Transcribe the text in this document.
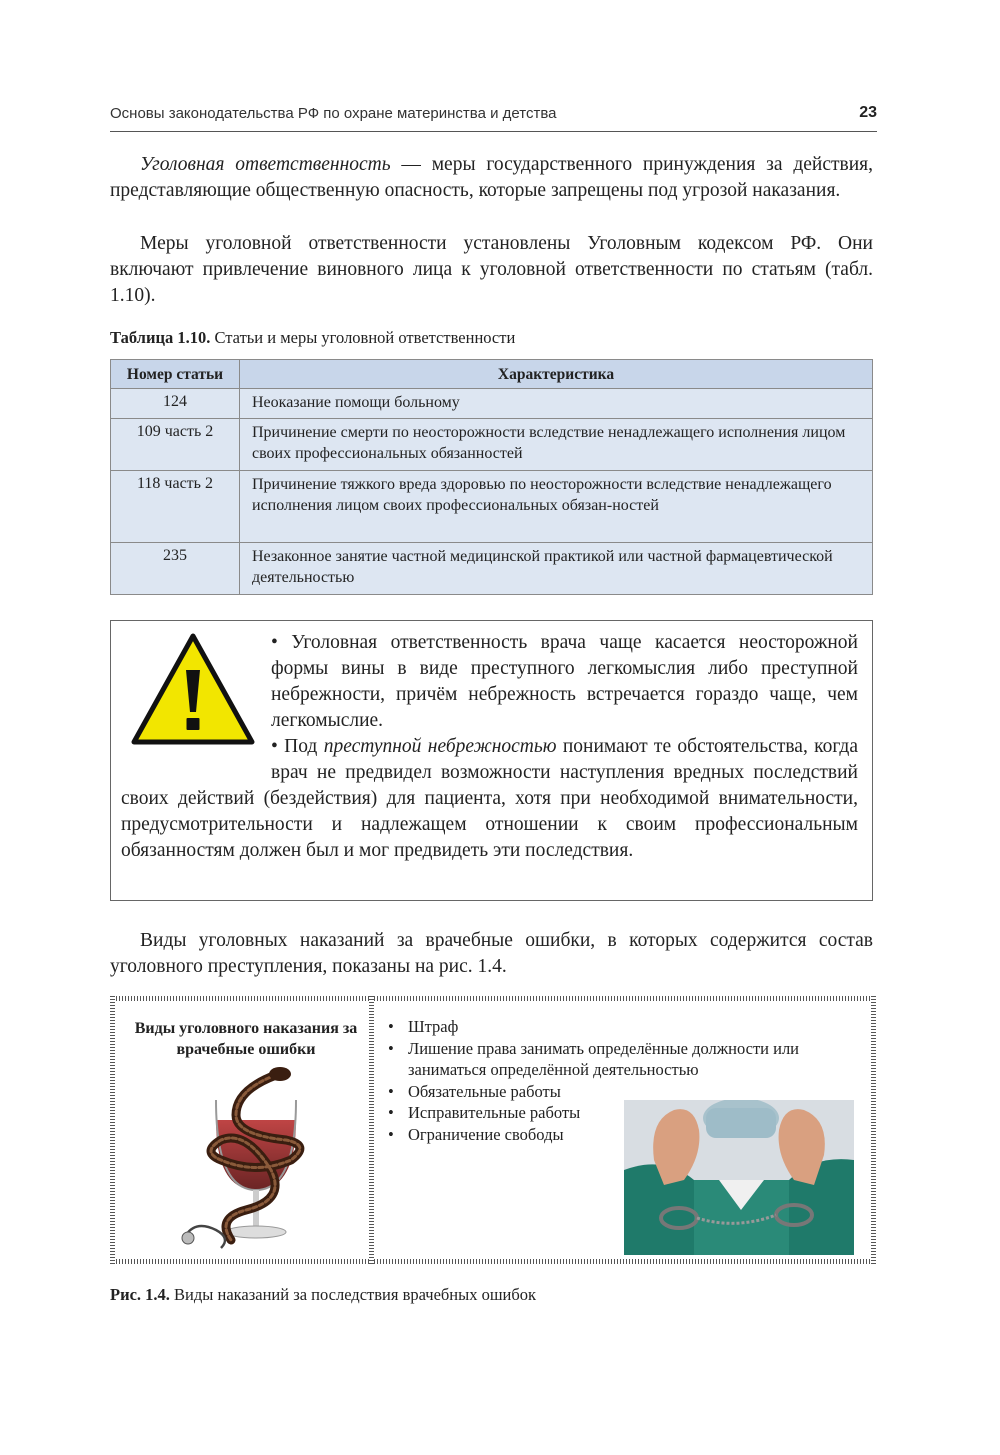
Основы законодательства РФ по охране материнства и детства	23

Уголовная ответственность — меры государственного принуждения за действия, представляющие общественную опасность, которые запрещены под угрозой наказания.

Меры уголовной ответственности установлены Уголовным кодексом РФ. Они включают привлечение виновного лица к уголовной ответственности по статьям (табл. 1.10).

Таблица 1.10. Статьи и меры уголовной ответственности
Номер статьи	Характеристика
124	Неоказание помощи больному
109 часть 2	Причинение смерти по неосторожности вследствие ненадлежащего исполнения лицом своих профессиональных обязанностей
118 часть 2	Причинение тяжкого вреда здоровью по неосторожности вследствие ненадлежащего исполнения лицом своих профессиональных обязан-ностей
235	Незаконное занятие частной медицинской практикой или частной фармацевтической деятельностью

• Уголовная ответственность врача чаще касается неосторожной формы вины в виде преступного легкомыслия либо преступной небрежности, причём небрежность встречается гораздо чаще, чем легкомыслие.
• Под преступной небрежностью понимают те обстоятельства, когда врач не предвидел возможности наступления вредных последствий своих действий (бездействия) для пациента, хотя при необходимой внимательности, предусмотрительности и надлежащем отношении к своим профессиональным обязанностям должен был и мог предвидеть эти последствия.

Виды уголовных наказаний за врачебные ошибки, в которых содержится состав уголовного преступления, показаны на рис. 1.4.

Виды уголовного наказания за врачебные ошибки
• Штраф
• Лишение права занимать определённые должности или заниматься определённой деятельностью
• Обязательные работы
• Исправительные работы
• Ограничение свободы
Рис. 1.4. Виды наказаний за последствия врачебных ошибок
